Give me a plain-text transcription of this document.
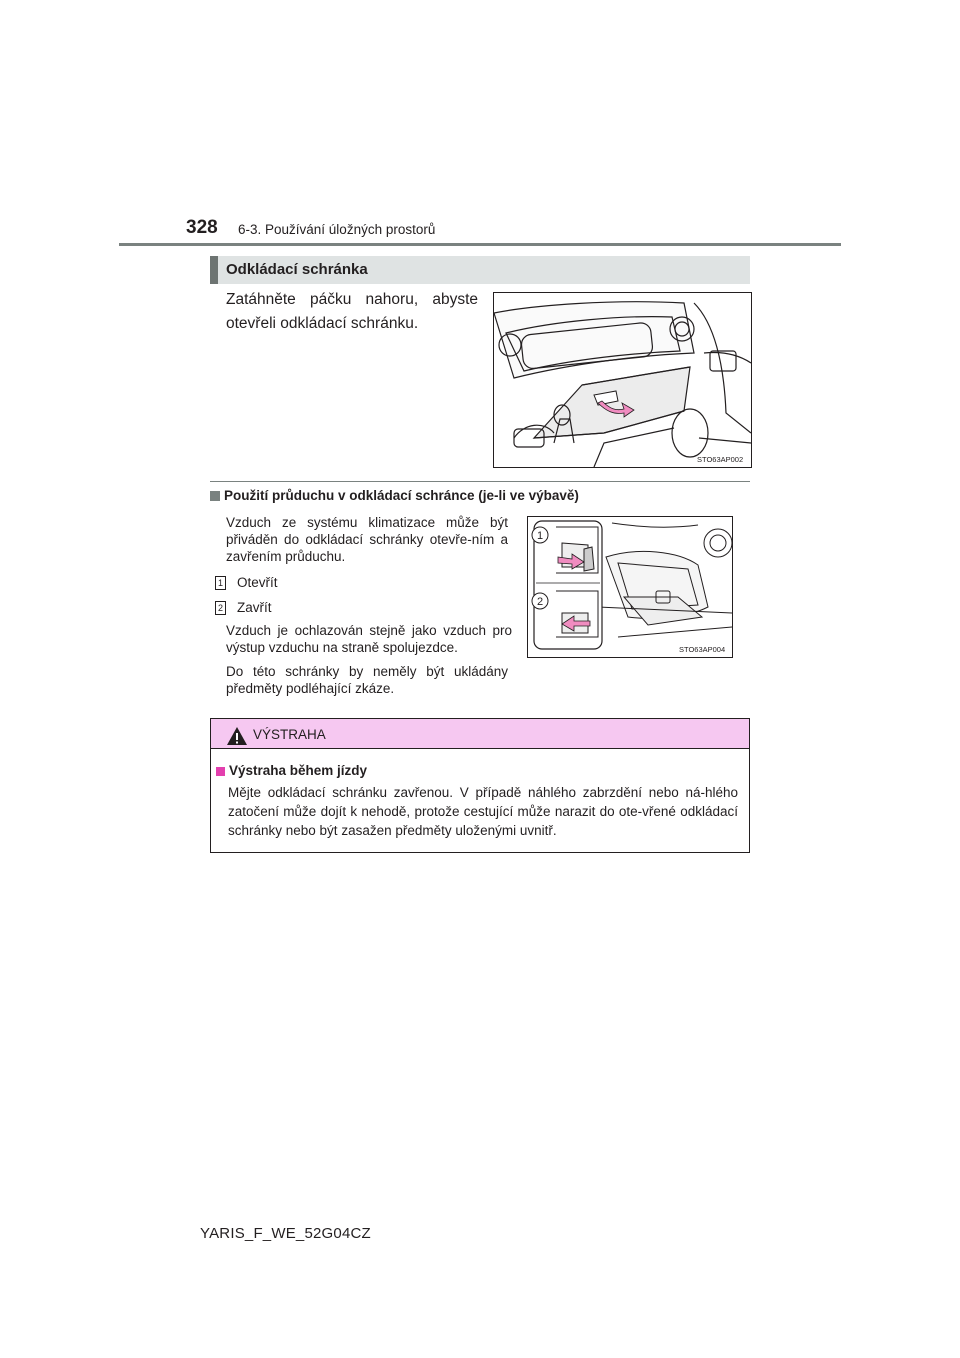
328 6-3. Používání úložných prostorů
Odkládací schránka
Zatáhněte páčku nahoru, abyste otevřeli odkládací schránku.
STO63AP002
Použití průduchu v odkládací schránce (je-li ve výbavě)
Vzduch ze systému klimatizace může být přiváděn do odkládací schránky otevře-ním a zavřením průduchu.
1 Otevřít
2 Zavřít
Vzduch je ochlazován stejně jako vzduch pro výstup vzduchu na straně spolujezdce.
Do této schránky by neměly být ukládány předměty podléhající zkáze.
1
2
STO63AP004
VÝSTRAHA
Výstraha během jízdy
Mějte odkládací schránku zavřenou. V případě náhlého zabrzdění nebo ná-hlého zatočení může dojít k nehodě, protože cestující může narazit do ote-vřené odkládací schránky nebo být zasažen předměty uloženými uvnitř.
YARIS_F_WE_52G04CZ
